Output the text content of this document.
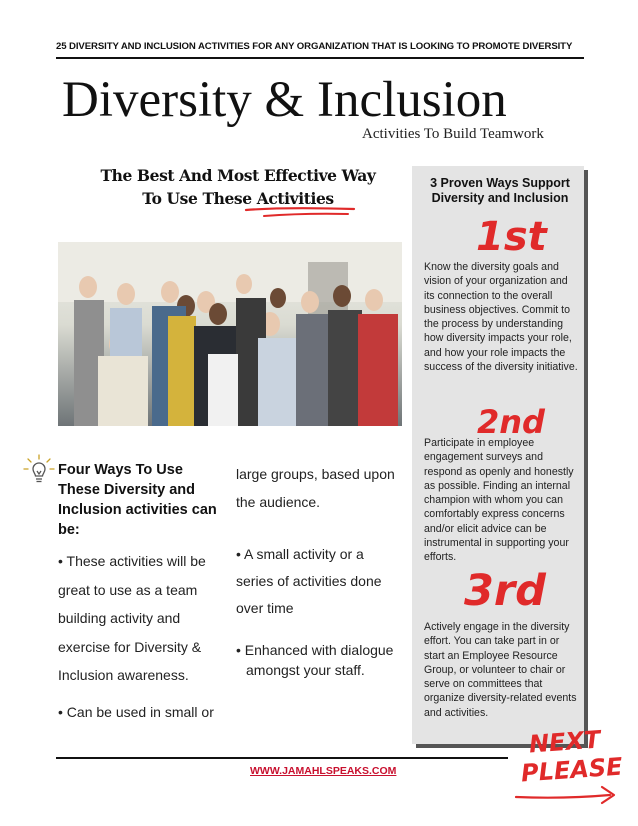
25 DIVERSITY AND INCLUSION ACTIVITIES FOR ANY ORGANIZATION THAT IS LOOKING TO PROMOTE DIVERSITY
Diversity & Inclusion
Activities To Build Teamwork
The Best And Most Effective Way
To Use These Activities
Four Ways To Use These Diversity and Inclusion activities can be:
• These activities will be great to use as a team building activity and exercise for Diversity & Inclusion awareness.
• Can be used in small or
large groups, based upon the audience.
• A small activity or a series of activities done over time
• Enhanced with dialogue amongst your staff.
3 Proven Ways Support Diversity and Inclusion
1st
Know the diversity goals and vision of your organization and its connection to the overall business objectives. Commit to the process by understanding how diversity impacts your role, and how your role impacts the success of the diversity initiative.
2nd
Participate in employee engagement surveys and respond as openly and honestly as possible. Finding an internal champion with whom you can comfortably express concerns and/or elicit advice can be instrumental in supporting your efforts.
3rd
Actively engage in the diversity effort. You can take part in or start an Employee Resource Group, or volunteer to chair or serve on committees that organize diversity-related events and activities.
NEXT
PLEASE
WWW.JAMAHLSPEAKS.COM
